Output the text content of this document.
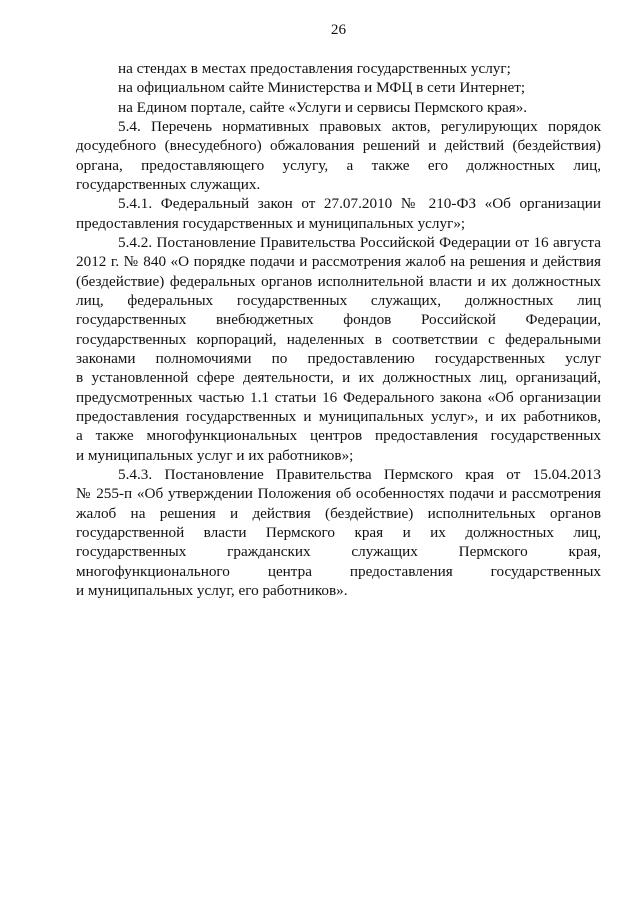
26
на стендах в местах предоставления государственных услуг;
на официальном сайте Министерства и МФЦ в сети Интернет;
на Едином портале, сайте «Услуги и сервисы Пермского края».
5.4. Перечень нормативных правовых актов, регулирующих порядок
досудебного (внесудебного) обжалования решений и действий (бездействия)
органа, предоставляющего услугу, а также его должностных лиц,
государственных служащих.
5.4.1. Федеральный закон от 27.07.2010 № 210-ФЗ «Об организации
предоставления государственных и муниципальных услуг»;
5.4.2. Постановление Правительства Российской Федерации от 16 августа
2012 г. № 840 «О порядке подачи и рассмотрения жалоб на решения и действия
(бездействие) федеральных органов исполнительной власти и их должностных
лиц, федеральных государственных служащих, должностных лиц
государственных внебюджетных фондов Российской Федерации,
государственных корпораций, наделенных в соответствии с федеральными
законами полномочиями по предоставлению государственных услуг
в установленной сфере деятельности, и их должностных лиц, организаций,
предусмотренных частью 1.1 статьи 16 Федерального закона «Об организации
предоставления государственных и муниципальных услуг», и их работников,
а также многофункциональных центров предоставления государственных
и муниципальных услуг и их работников»;
5.4.3. Постановление Правительства Пермского края от 15.04.2013
№ 255-п «Об утверждении Положения об особенностях подачи и рассмотрения
жалоб на решения и действия (бездействие) исполнительных органов
государственной власти Пермского края и их должностных лиц,
государственных гражданских служащих Пермского края,
многофункционального центра предоставления государственных
и муниципальных услуг, его работников».
